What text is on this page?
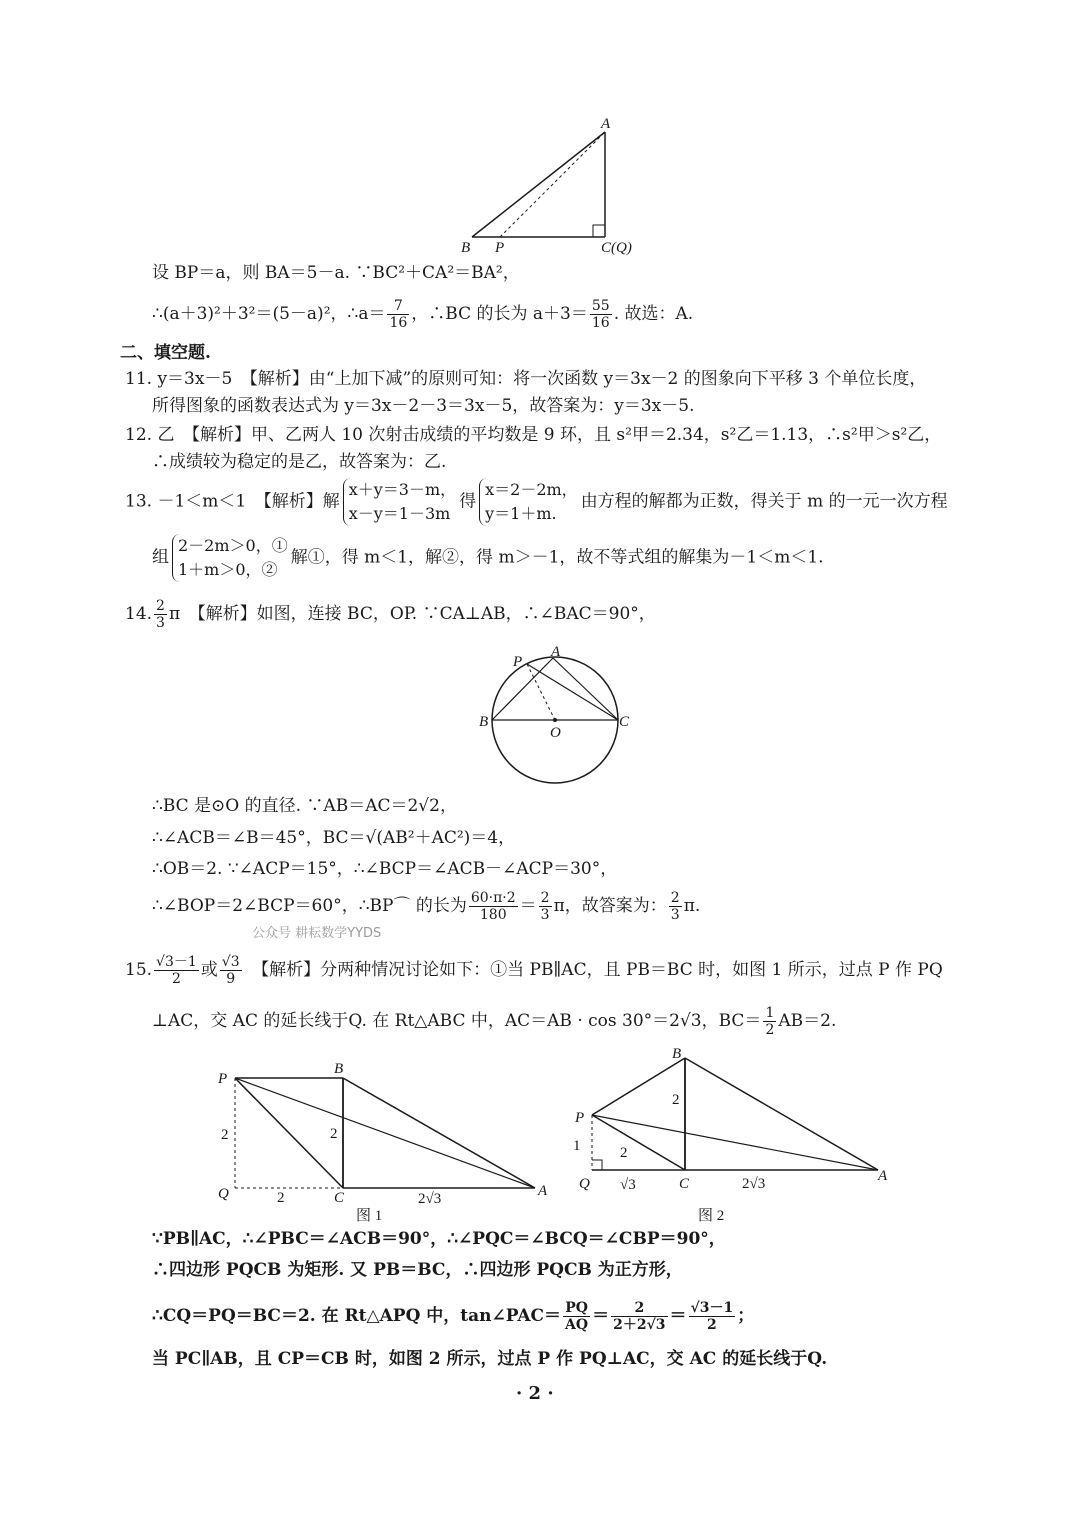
A
B P	C(Q)
设 BP＝a，则 BA＝5－a. ∵BC²＋CA²＝BA²，
∴(a＋3)²＋3²＝(5－a)²，∴a＝ $\frac{7}{16}$ ，∴BC 的长为 $a+3= \frac{55}{16}$ . 故选：A.
二、填空题.
11. y＝3x－5　【解析】由“上加下减”的原则可知：将一次函数 y＝3x－2 的图象向下平移 3 个单位长度，
所得图象的函数表达式为 y＝3x－2－3＝3x－5，故答案为：y＝3x－5.
12. 乙　【解析】甲、乙两人 10 次射击成绩的平均数是 9 环，且 s²甲＝2.34，s²乙＝1.13，∴s²甲＞s²乙，
∴成绩较为稳定的是乙，故答案为：乙.
13. －1＜m＜1　【解析】解
x＋y＝3－m，
x－y＝1－3m
得
x＝2－2m，
y＝1＋m.
由方程的解都为正数，得关于 m 的一元一次方程
组
2－2m＞0，①
1＋m＞0，②
解①，得 m＜1，解②，得 m＞－1，故不等式组的解集为－1＜m＜1.
14. $\frac{2}{3}$ π　 【解析】如图，连接 BC，OP. ∵CA⊥AB，∴∠BAC＝90°，
P
A
B
O
C
∴BC 是⊙O 的直径. ∵AB＝AC＝2√2，
∴∠ACB＝∠B＝45°，BC＝√(AB²＋AC²)＝4，
∴OB＝2. ∵∠ACP＝15°，∴∠BCP＝∠ACB－∠ACP＝30°，
∴∠BOP＝2∠BCP＝60°，∴BP⌒ 的长为 $\frac{60\cdot\pi\cdot 2}{180} = \frac{2}{3}$ π，故答案为： $\frac{2}{3} \pi$.
公众号 耕耘数学YYDS
15. $\frac{√3-1}{2}$ 或 $\frac{√3}{9}$
　 【解析】分两种情况讨论如下：①当 PB∥AC，且 PB＝BC 时，如图 1 所示，过点 P 作 PQ
⊥AC，交 AC 的延长线于Q. 在 Rt△ABC 中，AC＝AB · cos 30°＝2√3，$BC= \frac{1}{2} AB=2$.
P
B
Q	C	A
2	2
2	2√3
图 1
B
P
Q	C	A
2
1	2
√3	2√3
图 2
∵PB∥AC，∴∠PBC＝∠ACB＝90°，∴∠PQC＝∠BCQ＝∠CBP＝90°，
∴四边形 PQCB 为矩形. 又 PB＝BC，∴四边形 PQCB 为正方形，
∴CQ＝PQ＝BC＝2. 在 Rt△APQ 中，tan∠PAC＝ $\frac{PQ}{AQ} = \frac{2}{2+2√3} = \frac{√3-1}{2}$ ；
当 PC∥AB，且 CP＝CB 时，如图 2 所示，过点 P 作 PQ⊥AC，交 AC 的延长线于Q.
· 2 ·
